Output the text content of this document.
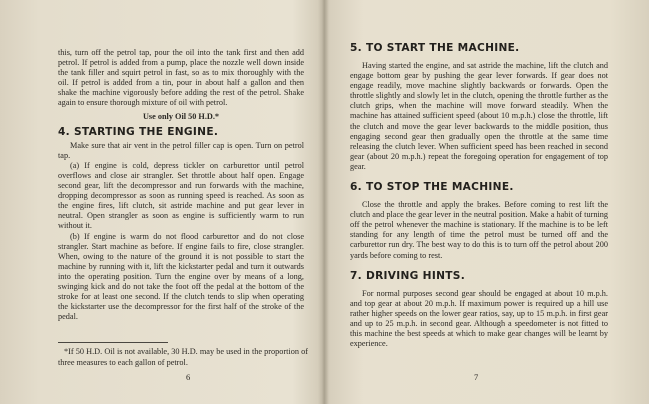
this, turn off the petrol tap, pour the oil into the tank first and then add petrol. If petrol is added from a pump, place the nozzle well down inside the tank filler and squirt petrol in fast, so as to mix thoroughly with the oil. If petrol is added from a tin, pour in about half a gallon and then shake the machine vigorously before adding the rest of the petrol. Shake again to ensure thorough mixture of oil with petrol.

Use only Oil 50 H.D.*

4. STARTING THE ENGINE.

Make sure that air vent in the petrol filler cap is open. Turn on petrol tap.

(a) If engine is cold, depress tickler on carburettor until petrol overflows and close air strangler. Set throttle about half open. Engage second gear, lift the decompressor and run forwards with the machine, dropping decompressor as soon as running speed is reached. As soon as the engine fires, lift clutch, sit astride machine and put gear lever in neutral. Open strangler as soon as engine is sufficiently warm to run without it.

(b) If engine is warm do not flood carburettor and do not close strangler. Start machine as before. If engine fails to fire, close strangler. When, owing to the nature of the ground it is not possible to start the machine by running with it, lift the kickstarter pedal and turn it outwards into the operating position. Turn the engine over by means of a long, swinging kick and do not take the foot off the pedal at the bottom of the stroke for at least one second. If the clutch tends to slip when operating the kickstarter use the decompressor for the first half of the stroke of the pedal.

*If 50 H.D. Oil is not available, 30 H.D. may be used in the proportion of three measures to each gallon of petrol.

6
5. TO START THE MACHINE.

Having started the engine, and sat astride the machine, lift the clutch and engage bottom gear by pushing the gear lever forwards. If gear does not engage readily, move machine slightly backwards or forwards. Open the throttle slightly and slowly let in the clutch, opening the throttle further as the clutch grips, when the machine will move forward steadily. When the machine has attained sufficient speed (about 10 m.p.h.) close the throttle, lift the clutch and move the gear lever backwards to the middle position, thus engaging second gear then gradually open the throttle at the same time releasing the clutch lever. When sufficient speed has been reached in second gear (about 20 m.p.h.) repeat the foregoing operation for engagement of top gear.

6. TO STOP THE MACHINE.

Close the throttle and apply the brakes. Before coming to rest lift the clutch and place the gear lever in the neutral position. Make a habit of turning off the petrol whenever the machine is stationary. If the machine is to be left standing for any length of time the petrol must be turned off and the carburettor run dry. The best way to do this is to turn off the petrol about 200 yards before coming to rest.

7. DRIVING HINTS.

For normal purposes second gear should be engaged at about 10 m.p.h. and top gear at about 20 m.p.h. If maximum power is required up a hill use rather higher speeds on the lower gear ratios, say, up to 15 m.p.h. in first gear and up to 25 m.p.h. in second gear. Although a speedometer is not fitted to this machine the best speeds at which to make gear changes will be learnt by experience.

7
